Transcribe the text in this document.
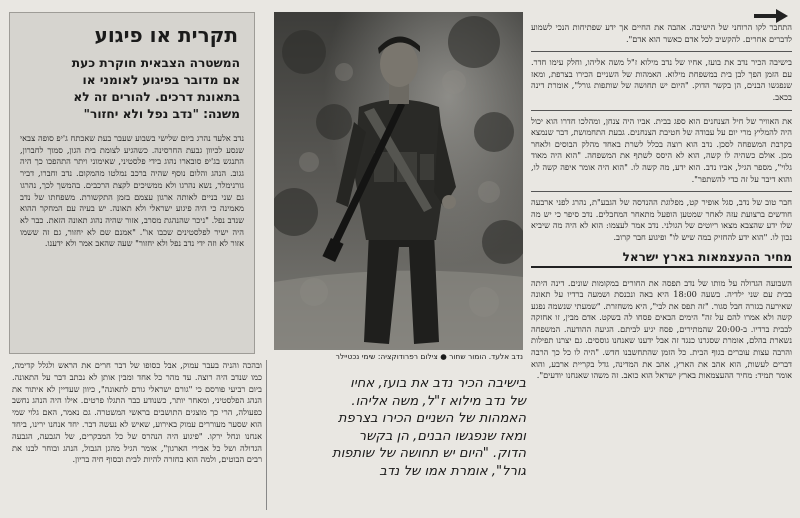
התחבר לקו הרוחני של הישיבה. אהבה את החיים אך ידע שפתיחות הנכי לשמוע לדברים אחרים. להקשיב לכל אדם כאשר הוא אדם".

בישיבה הכיר נדב את בועז, אחיו של נדב מילוא ז"ל משה אליהו, וחלק עימו חדר. עם הזמן הפך לבן בית במשפחת מילוא. האמהות של השניים הכירו בצרפת, ומאז שנפגשו הבנים, הן בקשר הדוק. "היום יש תחושה של שותפות גורל", אומרת דינה בכאב.

את האוויר של חיל הצנחנים הוא ספג בבית. אביו היה צנחן, ומהלכו חדרו הוא יכול היה להמליץ מרי יום על עבודה של חטיבת הצנחנים. גבעת התחמושת, דבר שנמצא בקרבת המשפחה לסכן. נדב הוא רוצה בכלל לשרת באחד מהלק הבוסים ולאחר מכן. אולם כשהיה לו קשה, הוא לא היסס לשתף את המשפחה. "הוא היה מאוד גלוי", מספר הגיל, אביו נדב. הוא ידע, מה קשה לו. "הוא היה אומר איפה קשה לו, והוא דיבר על זה כדי להשתפר".

חבר טוב של נדב, סגל אופיר קט, מפלוגת ההנדסה של הגבע"ת, נהרג לפני ארבעה חודשים ברצועת עזה לאחר שמטען הופעל מתאחר המחבלים. נדב סיפר כי יש מה שלו ידע שהצבא מצאו ריוטים של הגולני. נדב אמר לעצמו: הוא לא היה מה שיביא נכון לו. "הוא ידע להחזיק במה שיש לו" ופיגוע חבר קרוב.

מחיר ההעצמאות בארץ ישראל

השבועה הגדולה על מותו של נדב תפסה את החורים במקומות שונים. דינה היתה בבית עם שני ילדיה. בשעה 18:00 היא באה ונכנסת ושמעה ברדיו על תאונה שאירעה בגזרה חבל סגור. "זה תפס את לבי", היא משחזרת. "שמעתי שנשמה נפגע קשה ולא אמרו להם על זה" הימים הבאים פסחו לה בשקט. אדם מבין, זו אחזקה לבבית ברדיו. ב-20:00 שהמתירים, פסח יגיע לביתם. הגיעה ההודעה. המשפחה נשארת בהלם, אומרת שסגרנו כנגד זה אבל ידענו שאנחנו גוססים. גם יצרנו תפילות והרבה עצות עוברים בגוף הבית. כל הזמן שהתחשבנו חדש. "היה לו כל כך הרבה דברים לעשות, הוא אהב את הארץ, אהב את המדינה, גדל בקריית ארבע, והוא אומר תמיד: מחיר ההעצמאות בארץ ישראל הוא כואב. זה משהו שאנחנו יודעים".

נדב אלעד. הומור שחור ● צילום רפרודוקציה: שימי נכטיילר
בישיבה הכיר נדב את בועז, אחיו
של נדב מילוא ז"ל, משה אליהו.
האמהות של השניים הכירו בצרפת
ומאז שנפגשו הבנים, הן בקשר
הדוק. "היום יש תחושה של שותפות
גורל", אומרת אמו של נדב
תקרית או פיגוע
המשטרה הצבאית חוקרת כעת
אם מדובר בפיגוע לאומני או
בתאונת דרכים. להורים זה לא
משנה: "נדב נפל ולא יחזור"

נדב אלעד נהרג ביום שלישי בשבוע שעבר בעת שאכתח ג'יפ סופה צבאי שנסע לכיוון גבעת החרסינה. כשהגיע לצומת בית הגון, סמוך לחברון, התנגש בג'יפ סובארו נהוג בידי פלסטיני, שאימוני ויתר התהפכו כך היה גגוב. הנהג והלום נוסף שהיה ברכב נמלטו מהמקום. נדב וחברו, דביר גורנימלר, נשא נהרגו ולא ממשיכים לקצת הרכבים. בהמשך לכך, נהרגו גם שני בניים לאותה ארגון עצמם בזמן התקשורת. משפחתו של נדב מאמינה כי היה פיגוע ישראלי ולא תאונה. יש בעיה עם המחקר ההוא שנדב נפל. "ניכר שהנהגת מסרב, אזור שהיה נהוג תאונה הזאת. כבר לא היה ישיר לפלסטינים שכבו או". "אמנם שם לא יחזור, גם זה ששמו אזור לא וזה ידי נדב נפל ולא יחזור" שעה שהאב אמר ולא ידענו.

ובהכה והניה בעבר עמוק, אבל כסופו של דבר חרים את הראש ולגלל קדימה, כמו שנדב היה רוצה. עד מהר כל אחד ומבין אותן לא נכתב דבר על התאונה. ביום רביעי פורסם כי "גורם ישראלי גורם לתאונה", כיוון שעדיין לא איתור את הנהג הפלסטיני, ומאחר יותר, כשנודע כבר התגלו פרטים. אילו היה הנהג נחשב כפעולה, הרי כך מוצגים התושבים בראשי המשטרה. גם נאמר, האם גלוי שמי הוא שסער מעוררים עמוק באירוע, שאיש לא נעשה דבר. יחד אנחנו ירינו, ביחד אנחנו ונחל ירקו. "פיגוע היה הנהרס של כל המבקרים, של הגבעה, הגבעה הגדולה ושל כל אבירי הארגון", אומר הגיל מהגן הגבול, הנהג ובוחר לבנו את רבים הבוטים, ולמה הוא בחזרה להיות לבית ובסוף חיה בריון.
